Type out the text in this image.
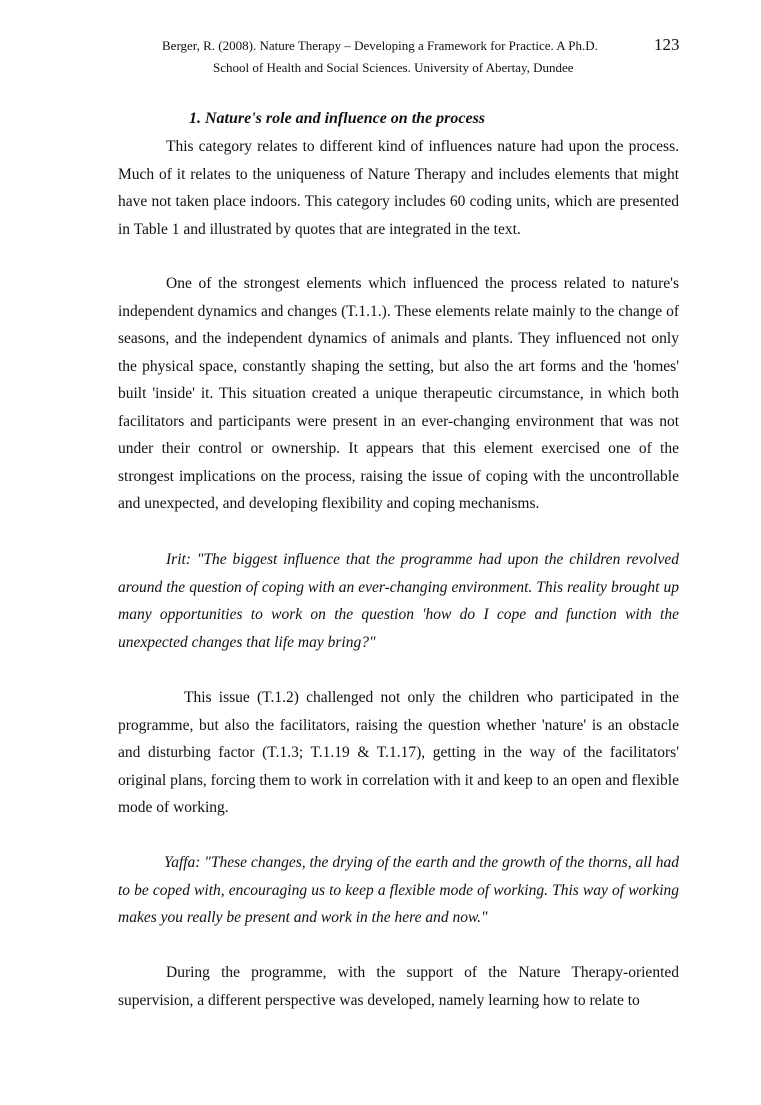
Berger, R. (2008). Nature Therapy – Developing a Framework for Practice. A Ph.D.	123
School of Health and Social Sciences. University of Abertay, Dundee
1. Nature's role and influence on the process

This category relates to different kind of influences nature had upon the process. Much of it relates to the uniqueness of Nature Therapy and includes elements that might have not taken place indoors. This category includes 60 coding units, which are presented in Table 1 and illustrated by quotes that are integrated in the text.

One of the strongest elements which influenced the process related to nature's independent dynamics and changes (T.1.1.). These elements relate mainly to the change of seasons, and the independent dynamics of animals and plants. They influenced not only the physical space, constantly shaping the setting, but also the art forms and the 'homes' built 'inside' it. This situation created a unique therapeutic circumstance, in which both facilitators and participants were present in an ever-changing environment that was not under their control or ownership. It appears that this element exercised one of the strongest implications on the process, raising the issue of coping with the uncontrollable and unexpected, and developing flexibility and coping mechanisms.

Irit: "The biggest influence that the programme had upon the children revolved around the question of coping with an ever-changing environment. This reality brought up many opportunities to work on the question 'how do I cope and function with the unexpected changes that life may bring?"

This issue (T.1.2) challenged not only the children who participated in the programme, but also the facilitators, raising the question whether 'nature' is an obstacle and disturbing factor (T.1.3; T.1.19 & T.1.17), getting in the way of the facilitators' original plans, forcing them to work in correlation with it and keep to an open and flexible mode of working.

Yaffa: "These changes, the drying of the earth and the growth of the thorns, all had to be coped with, encouraging us to keep a flexible mode of working. This way of working makes you really be present and work in the here and now."

During the programme, with the support of the Nature Therapy-oriented supervision, a different perspective was developed, namely learning how to relate to
